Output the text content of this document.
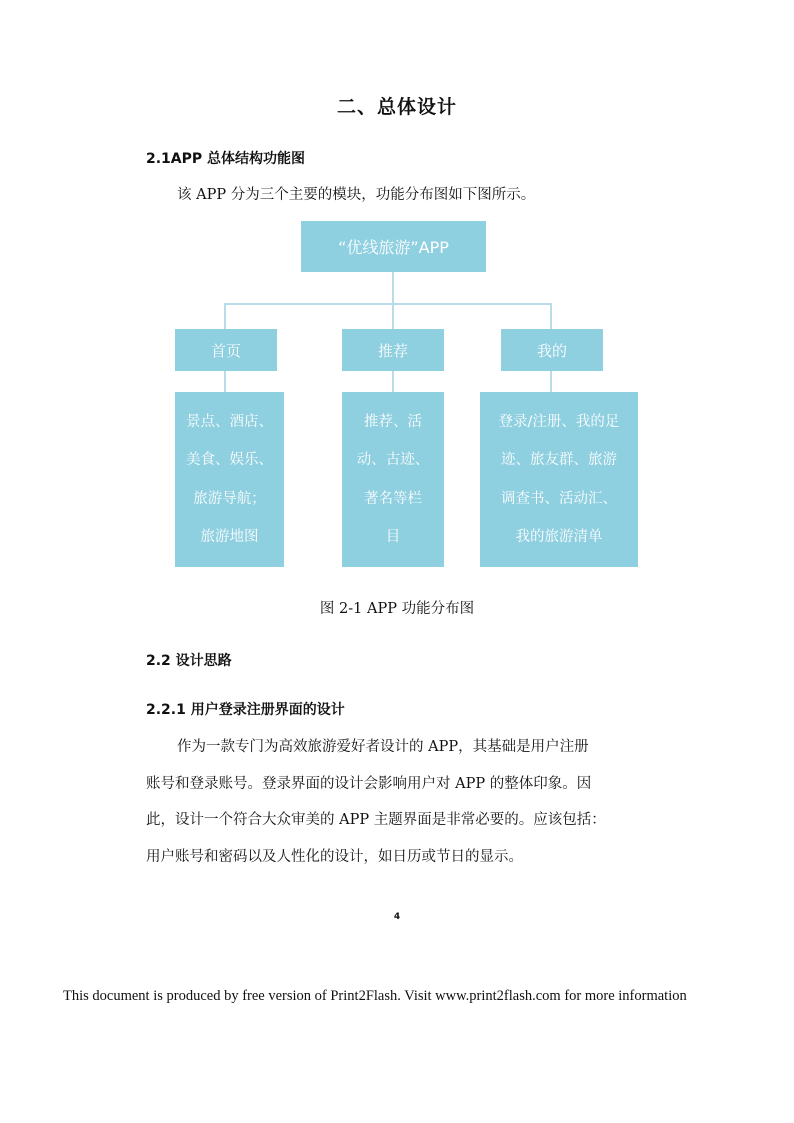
二、总体设计
2.1APP 总体结构功能图
该 APP 分为三个主要的模块，功能分布图如下图所示。
“优线旅游”APP
首页	推荐	我的
景点、酒店、
美食、娱乐、
旅游导航；
旅游地图
推荐、活
动、古迹、
著名等栏
目
登录/注册、我的足
迹、旅友群、旅游
调查书、活动汇、
我的旅游清单
图 2-1 APP 功能分布图
2.2 设计思路
2.2.1 用户登录注册界面的设计
作为一款专门为高效旅游爱好者设计的 APP，其基础是用户注册
账号和登录账号。登录界面的设计会影响用户对 APP 的整体印象。因
此，设计一个符合大众审美的 APP 主题界面是非常必要的。应该包括：
用户账号和密码以及人性化的设计，如日历或节日的显示。
4
This document is produced by free version of Print2Flash. Visit www.print2flash.com for more information
